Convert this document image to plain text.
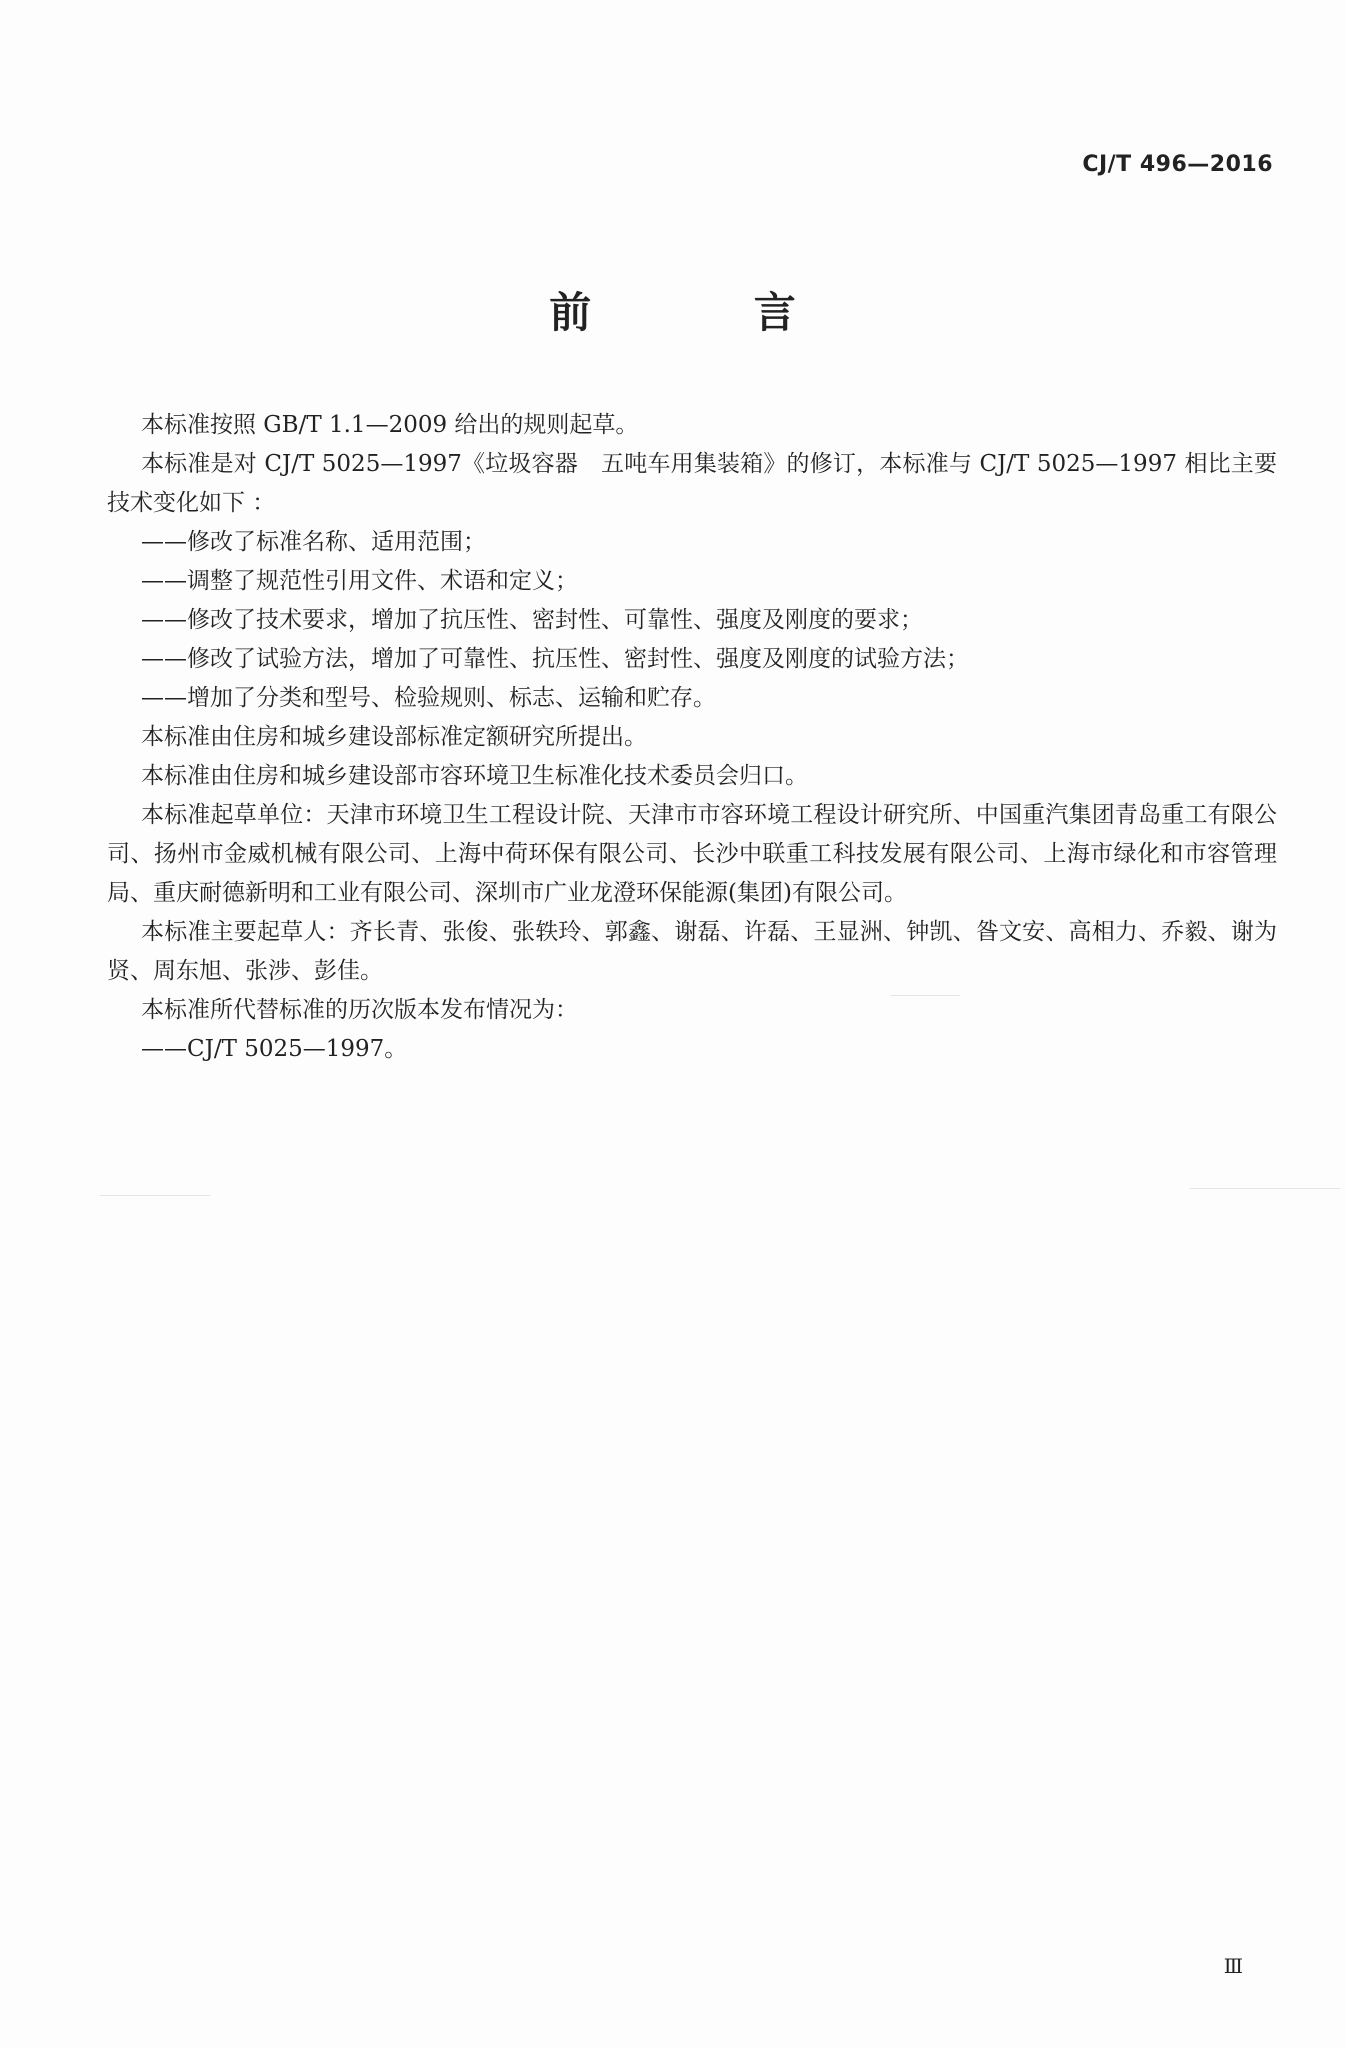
CJ/T 496—2016
前 言

本标准按照 GB/T 1.1—2009 给出的规则起草。

本标准是对 CJ/T 5025—1997《垃圾容器　五吨车用集装箱》的修订，本标准与 CJ/T 5025—1997 相比主要技术变化如下 ：

——修改了标准名称、适用范围；

——调整了规范性引用文件、术语和定义；

——修改了技术要求，增加了抗压性、密封性、可靠性、强度及刚度的要求；

——修改了试验方法，增加了可靠性、抗压性、密封性、强度及刚度的试验方法；

——增加了分类和型号、检验规则、标志、运输和贮存。

本标准由住房和城乡建设部标准定额研究所提出。

本标准由住房和城乡建设部市容环境卫生标准化技术委员会归口。

本标准起草单位：天津市环境卫生工程设计院、天津市市容环境工程设计研究所、中国重汽集团青岛重工有限公司、扬州市金威机械有限公司、上海中荷环保有限公司、长沙中联重工科技发展有限公司、上海市绿化和市容管理局、重庆耐德新明和工业有限公司、深圳市广业龙澄环保能源(集团)有限公司。

本标准主要起草人：齐长青、张俊、张轶玲、郭鑫、谢磊、许磊、王显洲、钟凯、昝文安、高相力、乔毅、谢为贤、周东旭、张涉、彭佳。

本标准所代替标准的历次版本发布情况为：

——CJ/T 5025—1997。

Ⅲ
